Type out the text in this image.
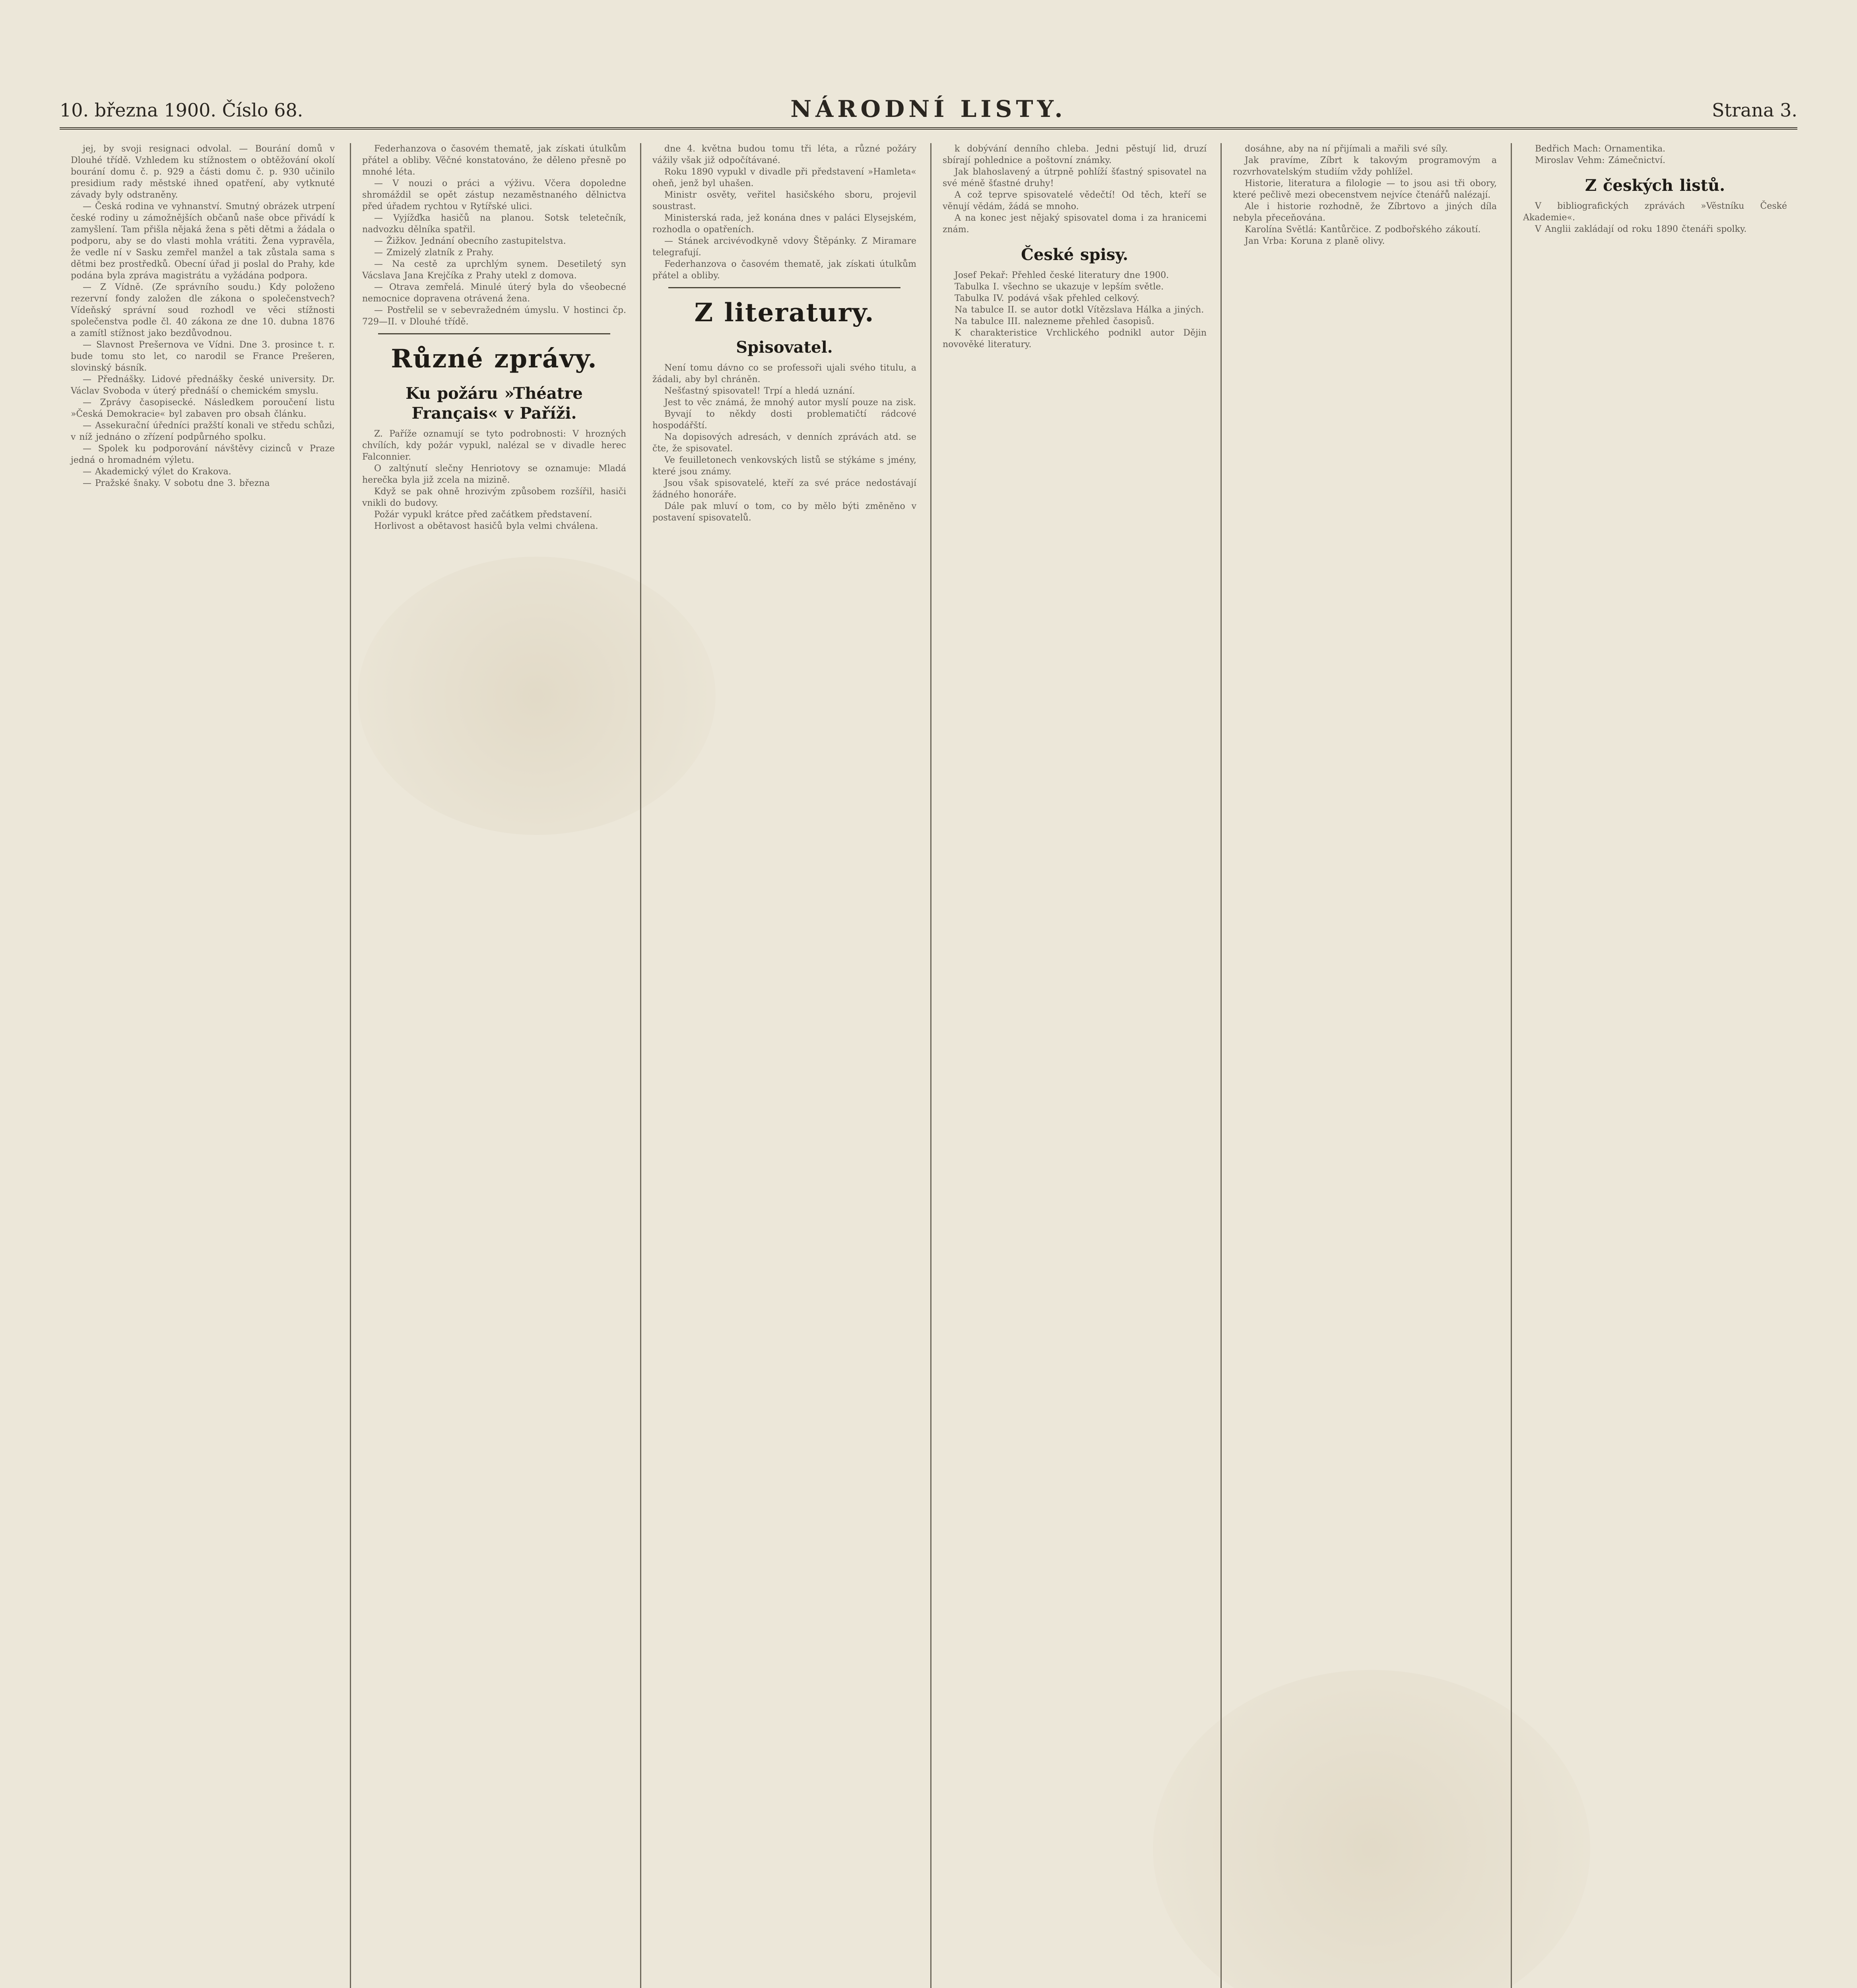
10. března 1900. Číslo 68.	NÁRODNÍ LISTY.	Strana 3.

jej, by svoji resignaci odvolal. — Bourání domů v Dlouhé třídě. Vzhledem ku stížnostem o obtěžování okolí bourání domu č. p. 929 a části domu č. p. 930 učinilo presidium rady městské ihned opatření, aby vytknuté závady byly odstraněny.

— Česká rodina ve vyhnanství. Smutný obrázek utrpení české rodiny u zámožnějších občanů naše obce přivádí k zamyšlení. Tam přišla nějaká žena s pěti dětmi a žádala o podporu, aby se do vlasti mohla vrátiti. Žena vypravěla, že vedle ní v Sasku zemřel manžel a tak zůstala sama s dětmi bez prostředků. Obecní úřad ji poslal do Prahy, kde podána byla zpráva magistrátu a vyžádána podpora.

— Z Vídně. (Ze správního soudu.) Kdy položeno rezervní fondy založen dle zákona o společenstvech? Vídeňský správní soud rozhodl ve věci stížnosti společenstva podle čl. 40 zákona ze dne 10. dubna 1876 a zamítl stížnost jako bezdůvodnou.

— Slavnost Prešernova ve Vídni. Dne 3. prosince t. r. bude tomu sto let, co narodil se France Prešeren, slovinský básník.

— Přednášky. Lidové přednášky české university. Dr. Václav Svoboda v úterý přednáší o chemickém smyslu.

— Zprávy časopisecké. Následkem poroučení listu »Česká Demokracie« byl zabaven pro obsah článku.

— Assekurační úředníci pražští konali ve středu schůzi, v níž jednáno o zřízení podpůrného spolku.

— Spolek ku podporování návštěvy cizinců v Praze jedná o hromadném výletu.

— Akademický výlet do Krakova.

— Pražské šnaky. V sobotu dne 3. března

Federhanzova o časovém thematě, jak získati útulkům přátel a obliby. Věčné konstatováno, že děleno přesně po mnohé léta.

— V nouzi o práci a výživu. Včera dopoledne shromáždil se opět zástup nezaměstnaného dělnictva před úřadem rychtou v Rytířské ulici.

— Vyjížďka hasičů na planou. Sotsk teletečník, nadvozku dělníka spatřil.

— Žižkov. Jednání obecního zastupitelstva.

— Zmizelý zlatník z Prahy.

— Na cestě za uprchlým synem. Desetiletý syn Vácslava Jana Krejčíka z Prahy utekl z domova.

— Otrava zemřelá. Minulé úterý byla do všeobecné nemocnice dopravena otrávená žena.

— Postřelil se v sebevražedném úmyslu. V hostinci čp. 729—II. v Dlouhé třídě.

Různé zprávy.
Ku požáru »Théatre Français« v Paříži.

Z. Paříže oznamují se tyto podrobnosti: V hrozných chvílích, kdy požár vypukl, nalézal se v divadle herec Falconnier.

O zaltýnutí slečny Henriotovy se oznamuje: Mladá herečka byla již zcela na mizině.

Když se pak ohně hrozivým způsobem rozšířil, hasiči vnikli do budovy.

Požár vypukl krátce před začátkem představení.

Horlivost a obětavost hasičů byla velmi chválena.

dne 4. května budou tomu tři léta, a různé požáry vážily však již odpočítávané.

Roku 1890 vypukl v divadle při představení »Hamleta« oheň, jenž byl uhašen.

Ministr osvěty, veřitel hasičského sboru, projevil soustrast.

Ministerská rada, jež konána dnes v paláci Elysejském, rozhodla o opatřeních.

— Stánek arcivévodkyně vdovy Štěpánky. Z Miramare telegrafují.

Federhanzova o časovém thematě, jak získati útulkům přátel a obliby.

Z literatury.
Spisovatel.

Není tomu dávno co se professoři ujali svého titulu, a žádali, aby byl chráněn.

Nešťastný spisovatel! Trpí a hledá uznání.

Jest to věc známá, že mnohý autor myslí pouze na zisk.

Byvají to někdy dosti problematičtí rádcové hospodářští.

Na dopisových adresách, v denních zprávách atd. se čte, že spisovatel.

Ve feuilletonech venkovských listů se stýkáme s jmény, které jsou známy.

Jsou však spisovatelé, kteří za své práce nedostávají žádného honoráře.

Dále pak mluví o tom, co by mělo býti změněno v postavení spisovatelů.

k dobývání denního chleba. Jedni pěstují lid, druzí sbírají pohlednice a poštovní známky.

Jak blahoslavený a útrpně pohlíží šťastný spisovatel na své méně šťastné druhy!

A což teprve spisovatelé vědečtí! Od těch, kteří se věnují vědám, žádá se mnoho.

A na konec jest nějaký spisovatel doma i za hranicemi znám.

České spisy.

Josef Pekař: Přehled české literatury dne 1900.

Tabulka I. všechno se ukazuje v lepším světle.

Tabulka IV. podává však přehled celkový.

Na tabulce II. se autor dotkl Vítězslava Hálka a jiných.

Na tabulce III. nalezneme přehled časopisů.

K charakteristice Vrchlického podnikl autor Dějin novověké literatury.

dosáhne, aby na ní přijímali a mařili své síly.

Jak pravíme, Zíbrt k takovým programovým a rozvrhovatelským studiím vždy pohlížel.

Historie, literatura a filologie — to jsou asi tři obory, které pečlivě mezi obecenstvem nejvíce čtenářů nalézají.

Ale i historie rozhodně, že Zíbrtovo a jiných díla nebyla přeceňována.

Karolína Světlá: Kantůrčice. Z podbořského zákoutí.

Jan Vrba: Koruna z planě olivy.

Bedřich Mach: Ornamentika.

Miroslav Vehm: Zámečnictví.

Z českých listů.

V bibliografických zprávách »Věstníku České Akademie«.

V Anglii zakládají od roku 1890 čtenáři spolky.
